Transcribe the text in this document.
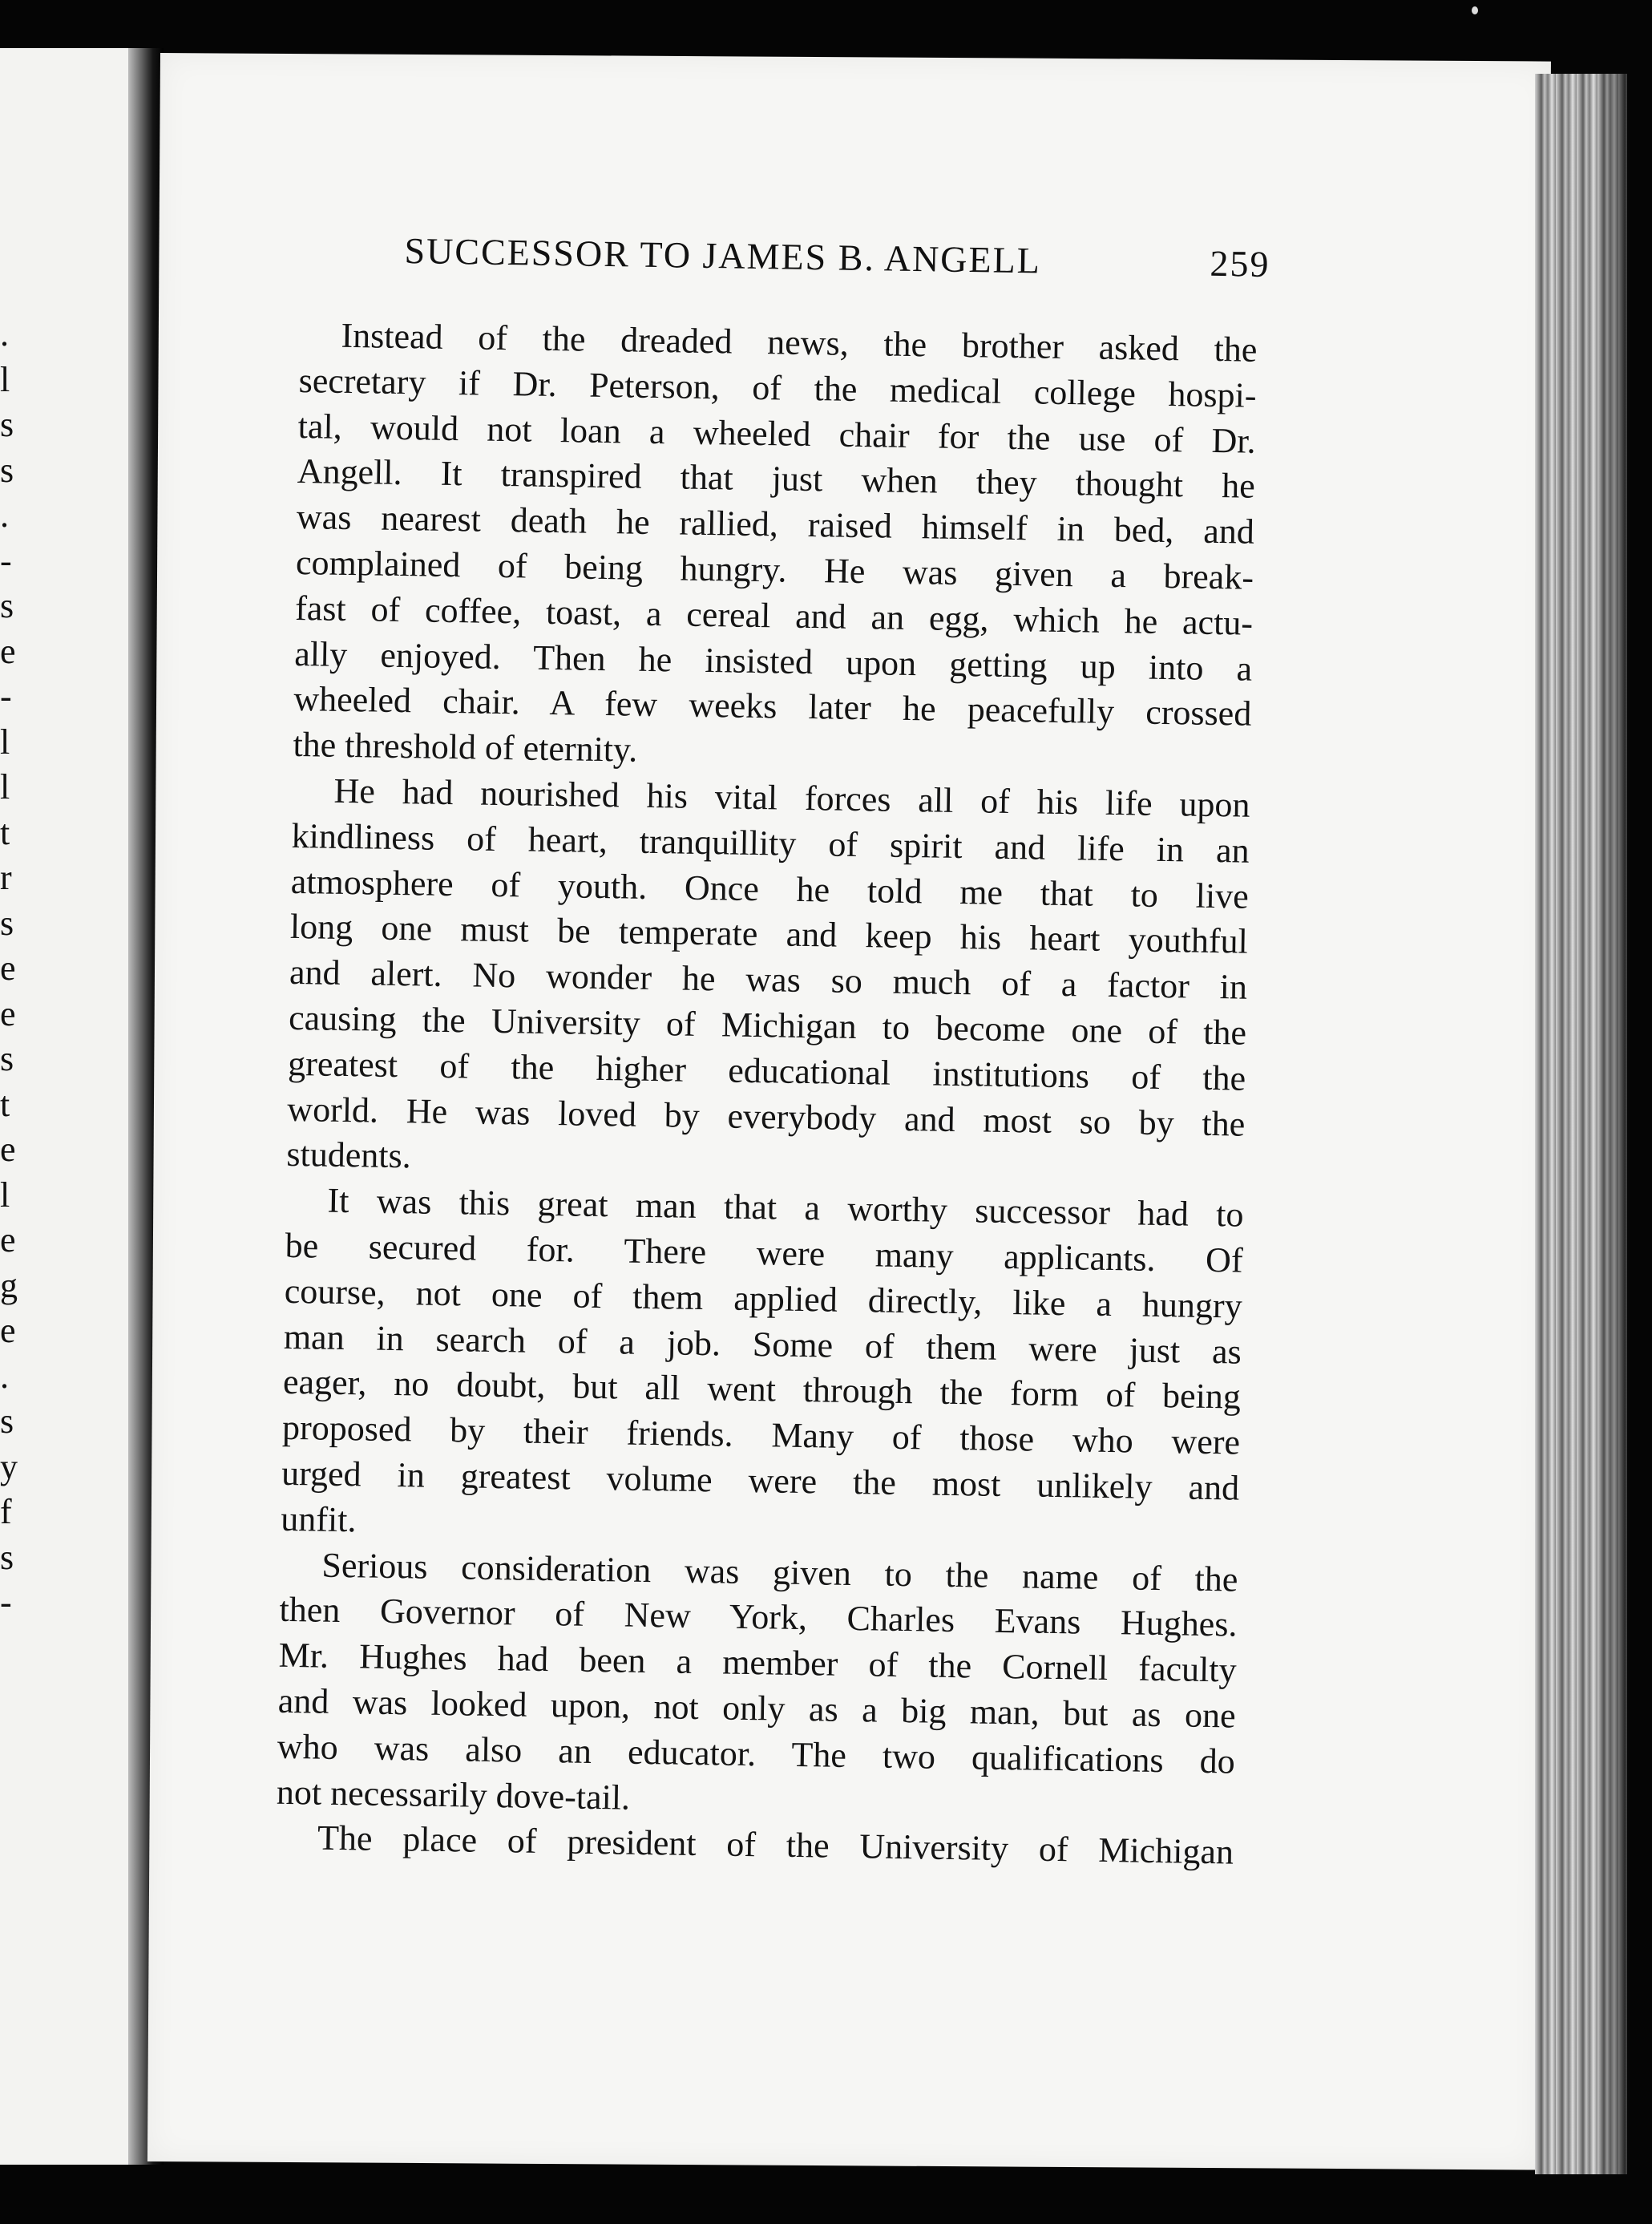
.
l
s
s
.
-
s
e
-
l
l
t
r
s
e
e
s
t
e
l
e
g
e
.
s
y
f
s
-
SUCCESSOR TO JAMES B. ANGELL	259
Instead of the dreaded news, the brother asked the
secretary if Dr. Peterson, of the medical college hospi-
tal, would not loan a wheeled chair for the use of Dr.
Angell. It transpired that just when they thought he
was nearest death he rallied, raised himself in bed, and
complained of being hungry. He was given a break-
fast of coffee, toast, a cereal and an egg, which he actu-
ally enjoyed. Then he insisted upon getting up into a
wheeled chair. A few weeks later he peacefully crossed
the threshold of eternity.
He had nourished his vital forces all of his life upon
kindliness of heart, tranquillity of spirit and life in an
atmosphere of youth. Once he told me that to live
long one must be temperate and keep his heart youthful
and alert. No wonder he was so much of a factor in
causing the University of Michigan to become one of the
greatest of the higher educational institutions of the
world. He was loved by everybody and most so by the
students.
It was this great man that a worthy successor had to
be secured for. There were many applicants. Of
course, not one of them applied directly, like a hungry
man in search of a job. Some of them were just as
eager, no doubt, but all went through the form of being
proposed by their friends. Many of those who were
urged in greatest volume were the most unlikely and
unfit.
Serious consideration was given to the name of the
then Governor of New York, Charles Evans Hughes.
Mr. Hughes had been a member of the Cornell faculty
and was looked upon, not only as a big man, but as one
who was also an educator. The two qualifications do
not necessarily dove-tail.
The place of president of the University of Michigan
